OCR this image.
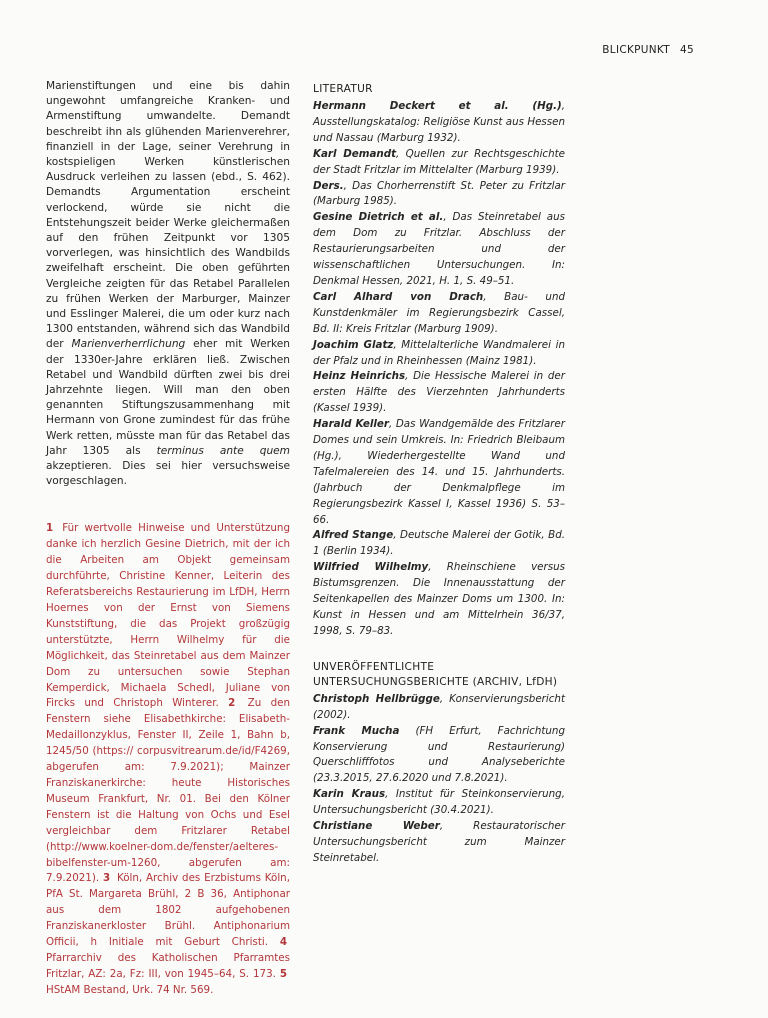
BLICKPUNKT 45

Marienstiftungen und eine bis dahin ungewohnt umfangreiche Kranken- und Armenstiftung umwandelte. Demandt beschreibt ihn als glühenden Marienverehrer, finanziell in der Lage, seiner Verehrung in kostspieligen Werken künstlerischen Ausdruck verleihen zu lassen (ebd., S. 462). Demandts Argumentation erscheint verlockend, würde sie nicht die Entstehungszeit beider Werke gleichermaßen auf den frühen Zeitpunkt vor 1305 vorverlegen, was hinsichtlich des Wandbilds zweifelhaft erscheint. Die oben geführten Vergleiche zeigten für das Retabel Parallelen zu frühen Werken der Marburger, Mainzer und Esslinger Malerei, die um oder kurz nach 1300 entstanden, während sich das Wandbild der Marienverherrlichung eher mit Werken der 1330er-Jahre erklären ließ. Zwischen Retabel und Wandbild dürften zwei bis drei Jahrzehnte liegen. Will man den oben genannten Stiftungszusammenhang mit Hermann von Grone zumindest für das frühe Werk retten, müsste man für das Retabel das Jahr 1305 als terminus ante quem akzeptieren. Dies sei hier versuchsweise vorgeschlagen.

1 Für wertvolle Hinweise und Unterstützung danke ich herzlich Gesine Dietrich, mit der ich die Arbeiten am Objekt gemeinsam durchführte, Christine Kenner, Leiterin des Referatsbereichs Restaurierung im LfDH, Herrn Hoernes von der Ernst von Siemens Kunststiftung, die das Projekt großzügig unterstützte, Herrn Wilhelmy für die Möglichkeit, das Steinretabel aus dem Mainzer Dom zu untersuchen sowie Stephan Kemperdick, Michaela Schedl, Juliane von Fircks und Christoph Winterer. 2 Zu den Fenstern siehe Elisabethkirche: Elisabeth-Medaillonzyklus, Fenster II, Zeile 1, Bahn b, 1245/50 (https:// corpusvitrearum.de/id/F4269, abgerufen am: 7.9.2021); Mainzer Franziskanerkirche: heute Historisches Museum Frankfurt, Nr. 01. Bei den Kölner Fenstern ist die Haltung von Ochs und Esel vergleichbar dem Fritzlarer Retabel (http://www.koelner-dom.de/fenster/aelteres-bibelfenster-um-1260, abgerufen am: 7.9.2021). 3 Köln, Archiv des Erzbistums Köln, PfA St. Margareta Brühl, 2 B 36, Antiphonar aus dem 1802 aufgehobenen Franziskanerkloster Brühl. Antiphonarium Officii, h Initiale mit Geburt Christi. 4 Pfarrarchiv des Katholischen Pfarramtes Fritzlar, AZ: 2a, Fz: III, von 1945–64, S. 173. 5 HStAM Bestand, Urk. 74 Nr. 569.
LITERATUR
Hermann Deckert et al. (Hg.), Ausstellungskatalog: Religiöse Kunst aus Hessen und Nassau (Marburg 1932).
Karl Demandt, Quellen zur Rechtsgeschichte der Stadt Fritzlar im Mittelalter (Marburg 1939).
Ders., Das Chorherrenstift St. Peter zu Fritzlar (Marburg 1985).
Gesine Dietrich et al., Das Steinretabel aus dem Dom zu Fritzlar. Abschluss der Restaurierungsarbeiten und der wissenschaftlichen Untersuchungen. In: Denkmal Hessen, 2021, H. 1, S. 49–51.
Carl Alhard von Drach, Bau- und Kunstdenkmäler im Regierungsbezirk Cassel, Bd. II: Kreis Fritzlar (Marburg 1909).
Joachim Glatz, Mittelalterliche Wandmalerei in der Pfalz und in Rheinhessen (Mainz 1981).
Heinz Heinrichs, Die Hessische Malerei in der ersten Hälfte des Vierzehnten Jahrhunderts (Kassel 1939).
Harald Keller, Das Wandgemälde des Fritzlarer Domes und sein Umkreis. In: Friedrich Bleibaum (Hg.), Wiederhergestellte Wand und Tafelmalereien des 14. und 15. Jahrhunderts. (Jahrbuch der Denkmalpflege im Regierungsbezirk Kassel I, Kassel 1936) S. 53–66.
Alfred Stange, Deutsche Malerei der Gotik, Bd. 1 (Berlin 1934).
Wilfried Wilhelmy, Rheinschiene versus Bistumsgrenzen. Die Innenausstattung der Seitenkapellen des Mainzer Doms um 1300. In: Kunst in Hessen und am Mittelrhein 36/37, 1998, S. 79–83.
UNVERÖFFENTLICHTE UNTERSUCHUNGSBERICHTE (ARCHIV, LfDH)
Christoph Hellbrügge, Konservierungsbericht (2002).
Frank Mucha (FH Erfurt, Fachrichtung Konservierung und Restaurierung) Querschlifffotos und Analyseberichte (23.3.2015, 27.6.2020 und 7.8.2021).
Karin Kraus, Institut für Steinkonservierung, Untersuchungsbericht (30.4.2021).
Christiane Weber, Restauratorischer Untersuchungsbericht zum Mainzer Steinretabel.
